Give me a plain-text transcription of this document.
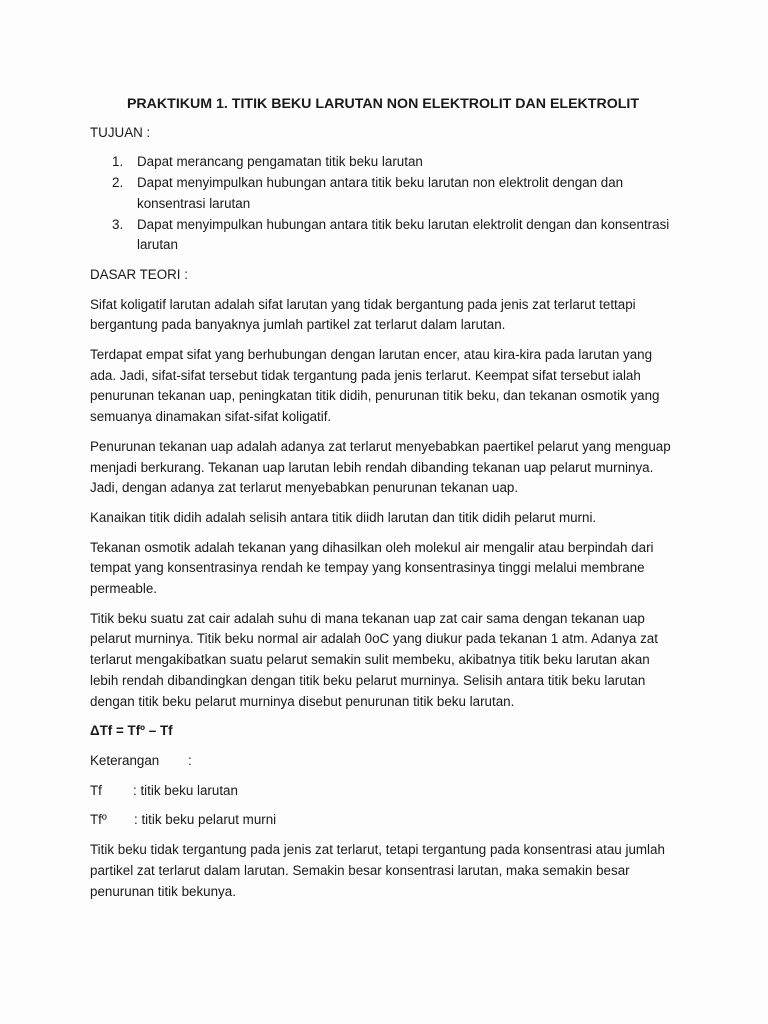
PRAKTIKUM 1. TITIK BEKU LARUTAN NON ELEKTROLIT DAN ELEKTROLIT
TUJUAN :
1.	Dapat merancang pengamatan titik beku larutan
2.	Dapat menyimpulkan hubungan antara titik beku larutan non elektrolit dengan dan konsentrasi larutan
3.	Dapat menyimpulkan hubungan antara titik beku larutan elektrolit dengan dan konsentrasi larutan
DASAR TEORI :

Sifat koligatif larutan adalah sifat larutan yang tidak bergantung pada jenis zat terlarut tettapi bergantung pada banyaknya jumlah partikel zat terlarut dalam larutan.

Terdapat empat sifat yang berhubungan dengan larutan encer, atau kira-kira pada larutan yang ada. Jadi, sifat-sifat tersebut tidak tergantung pada jenis terlarut. Keempat sifat tersebut ialah penurunan tekanan uap, peningkatan titik didih, penurunan titik beku, dan tekanan osmotik yang semuanya dinamakan sifat-sifat koligatif.

Penurunan tekanan uap adalah adanya zat terlarut menyebabkan paertikel pelarut yang menguap menjadi berkurang. Tekanan uap larutan lebih rendah dibanding tekanan uap pelarut murninya. Jadi, dengan adanya zat terlarut menyebabkan penurunan tekanan uap.

Kanaikan titik didih adalah selisih antara titik diidh larutan dan titik didih pelarut murni.

Tekanan osmotik adalah tekanan yang dihasilkan oleh molekul air mengalir atau berpindah dari tempat yang konsentrasinya rendah ke tempay yang konsentrasinya tinggi melalui membrane permeable.

Titik beku suatu zat cair adalah suhu di mana tekanan uap zat cair sama dengan tekanan uap pelarut murninya. Titik beku normal air adalah 0oC yang diukur pada tekanan 1 atm. Adanya zat terlarut mengakibatkan suatu pelarut semakin sulit membeku, akibatnya titik beku larutan akan lebih rendah dibandingkan dengan titik beku pelarut murninya. Selisih antara titik beku larutan dengan titik beku pelarut murninya disebut penurunan titik beku larutan.

ΔTf = Tfº – Tf
Keterangan	:
Tf	: titik beku larutan
Tfº	: titik beku pelarut murni

Titik beku tidak tergantung pada jenis zat terlarut, tetapi tergantung pada konsentrasi atau jumlah partikel zat terlarut dalam larutan. Semakin besar konsentrasi larutan, maka semakin besar penurunan titik bekunya.
